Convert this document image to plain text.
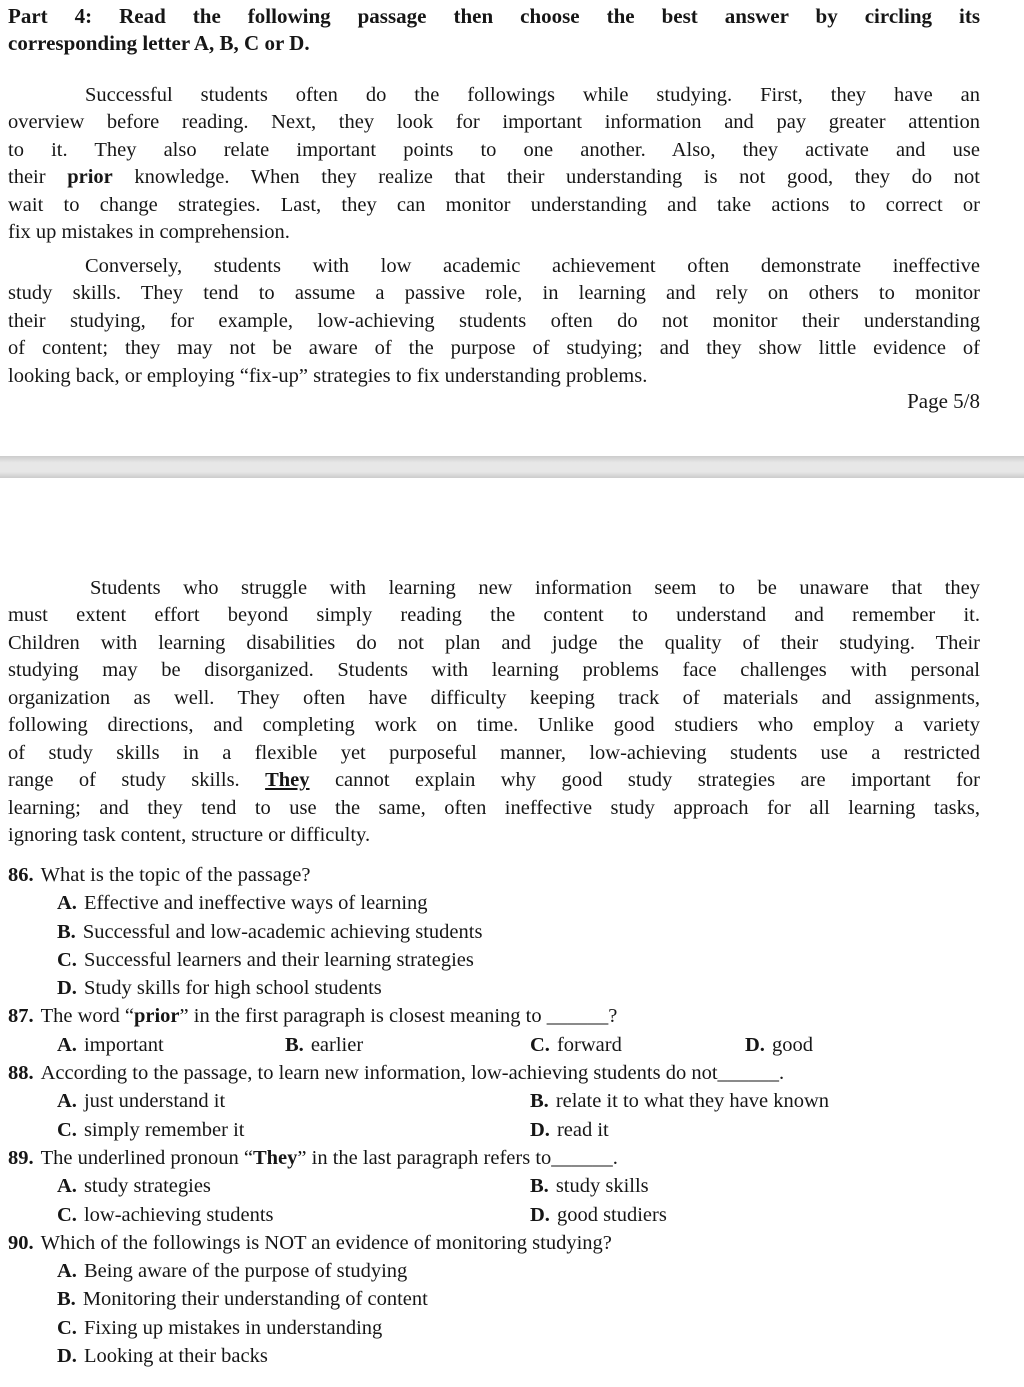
Part 4: Read the following passage then choose the best answer by circling its
corresponding letter A, B, C or D.

Successful students often do the followings while studying. First, they have an
overview before reading. Next, they look for important information and pay greater attention
to it. They also relate important points to one another. Also, they activate and use
their prior knowledge. When they realize that their understanding is not good, they do not
wait to change strategies. Last, they can monitor understanding and take actions to correct or
fix up mistakes in comprehension.

Conversely, students with low academic achievement often demonstrate ineffective
study skills. They tend to assume a passive role, in learning and rely on others to monitor
their studying, for example, low-achieving students often do not monitor their understanding
of content; they may not be aware of the purpose of studying; and they show little evidence of
looking back, or employing “fix-up” strategies to fix understanding problems.

Page 5/8

Students who struggle with learning new information seem to be unaware that they
must extent effort beyond simply reading the content to understand and remember it.
Children with learning disabilities do not plan and judge the quality of their studying. Their
studying may be disorganized. Students with learning problems face challenges with personal
organization as well. They often have difficulty keeping track of materials and assignments,
following directions, and completing work on time. Unlike good studiers who employ a variety
of study skills in a flexible yet purposeful manner, low-achieving students use a restricted
range of study skills. They cannot explain why good study strategies are important for
learning; and they tend to use the same, often ineffective study approach for all learning tasks,
ignoring task content, structure or difficulty.

86. What is the topic of the passage?
A. Effective and ineffective ways of learning
B. Successful and low-academic achieving students
C. Successful learners and their learning strategies
D. Study skills for high school students
87. The word “prior” in the first paragraph is closest meaning to ______?
A. important	B. earlier	C. forward	D. good
88. According to the passage, to learn new information, low-achieving students do not______.
A. just understand it	B. relate it to what they have known
C. simply remember it	D. read it
89. The underlined pronoun “They” in the last paragraph refers to______.
A. study strategies	B. study skills
C. low-achieving students	D. good studiers
90. Which of the followings is NOT an evidence of monitoring studying?
A. Being aware of the purpose of studying
B. Monitoring their understanding of content
C. Fixing up mistakes in understanding
D. Looking at their backs
